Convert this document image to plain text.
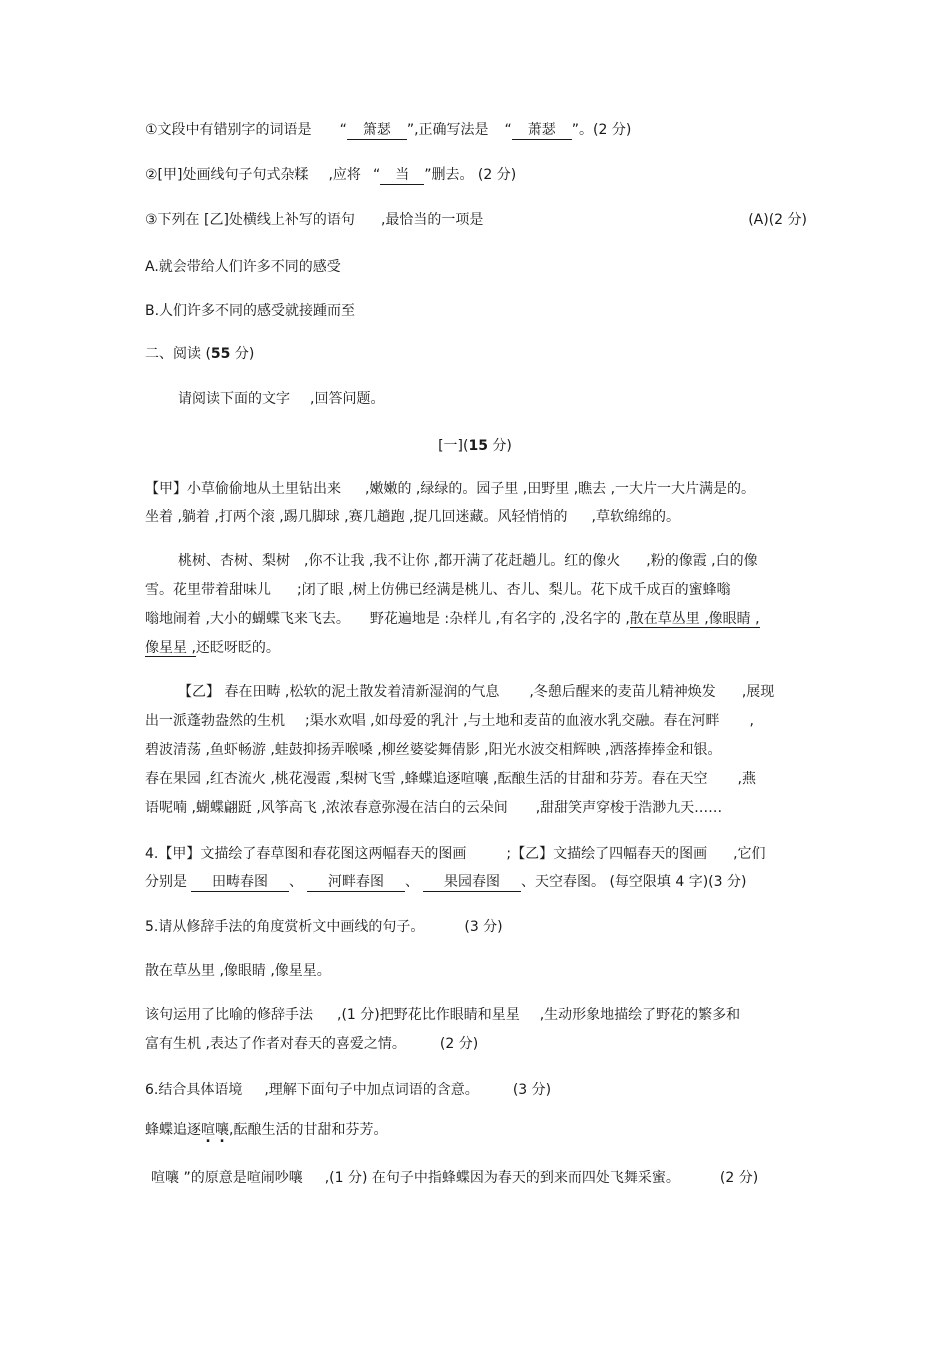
①文段中有错别字的词语是 “ 箫瑟 ”,正确写法是 “ 萧瑟 ”。(2 分)
②[甲]处画线句子句式杂糅 ,应将 “ 当 ”删去。 (2 分)
③下列在 [乙]处横线上补写的语句 ,最恰当的一项是	(A)(2 分)
A.就会带给人们许多不同的感受
B.人们许多不同的感受就接踵而至
二、阅读 (55 分)
请阅读下面的文字 ,回答问题。
[一](15 分)
【甲】小草偷偷地从土里钻出来 ,嫩嫩的 ,绿绿的。园子里 ,田野里 ,瞧去 ,一大片一大片满是的。
坐着 ,躺着 ,打两个滚 ,踢几脚球 ,赛几趟跑 ,捉几回迷藏。风轻悄悄的 ,草软绵绵的。
桃树、杏树、梨树 ,你不让我 ,我不让你 ,都开满了花赶趟儿。红的像火 ,粉的像霞 ,白的像
雪。花里带着甜味儿 ;闭了眼 ,树上仿佛已经满是桃儿、杏儿、梨儿。花下成千成百的蜜蜂嗡
嗡地闹着 ,大小的蝴蝶飞来飞去。 野花遍地是 :杂样儿 ,有名字的 ,没名字的 ,散在草丛里 ,像眼睛 ,
像星星 ,还眨呀眨的。
【乙】 春在田畴 ,松软的泥土散发着清新湿润的气息 ,冬憩后醒来的麦苗儿精神焕发 ,展现
出一派蓬勃盎然的生机 ;渠水欢唱 ,如母爱的乳汁 ,与土地和麦苗的血液水乳交融。春在河畔 ,
碧波清荡 ,鱼虾畅游 ,蛙鼓抑扬弄喉嗓 ,柳丝婆娑舞倩影 ,阳光水波交相辉映 ,洒落捧捧金和银。
春在果园 ,红杏流火 ,桃花漫霞 ,梨树飞雪 ,蜂蝶追逐喧嚷 ,酝酿生活的甘甜和芬芳。春在天空 ,燕
语呢喃 ,蝴蝶翩跹 ,风筝高飞 ,浓浓春意弥漫在洁白的云朵间 ,甜甜笑声穿梭于浩渺九天……
4.【甲】文描绘了春草图和春花图这两幅春天的图画	;【乙】文描绘了四幅春天的图画 ,它们
分别是 田畴春图 、 河畔春图 、 果园春图 、天空春图。 (每空限填 4 字)(3 分)
5.请从修辞手法的角度赏析文中画线的句子。	(3 分)
散在草丛里 ,像眼睛 ,像星星。
该句运用了比喻的修辞手法 ,(1 分)把野花比作眼睛和星星 ,生动形象地描绘了野花的繁多和
富有生机 ,表达了作者对春天的喜爱之情。 (2 分)
6.结合具体语境 ,理解下面句子中加点词语的含意。 (3 分)
蜂蝶追逐喧嚷,酝酿生活的甘甜和芬芳。
喧嚷 ”的原意是喧闹吵嚷 ,(1 分) 在句子中指蜂蝶因为春天的到来而四处飞舞采蜜。	(2 分)
